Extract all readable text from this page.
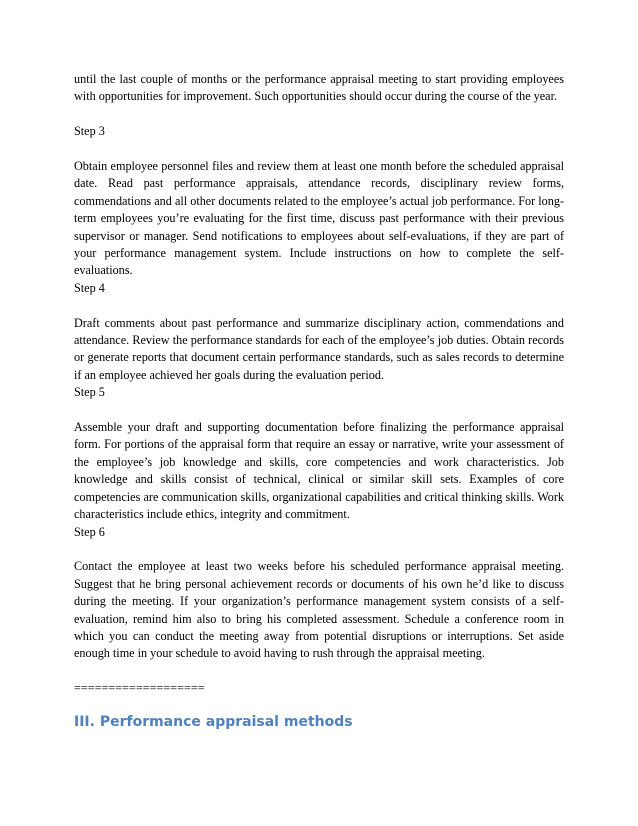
until the last couple of months or the performance appraisal meeting to start providing employees with opportunities for improvement. Such opportunities should occur during the course of the year.

Step 3

Obtain employee personnel files and review them at least one month before the scheduled appraisal date. Read past performance appraisals, attendance records, disciplinary review forms, commendations and all other documents related to the employee’s actual job performance. For long-term employees you’re evaluating for the first time, discuss past performance with their previous supervisor or manager. Send notifications to employees about self-evaluations, if they are part of your performance management system. Include instructions on how to complete the self-evaluations.

Step 4

Draft comments about past performance and summarize disciplinary action, commendations and attendance. Review the performance standards for each of the employee’s job duties. Obtain records or generate reports that document certain performance standards, such as sales records to determine if an employee achieved her goals during the evaluation period.

Step 5

Assemble your draft and supporting documentation before finalizing the performance appraisal form. For portions of the appraisal form that require an essay or narrative, write your assessment of the employee’s job knowledge and skills, core competencies and work characteristics. Job knowledge and skills consist of technical, clinical or similar skill sets. Examples of core competencies are communication skills, organizational capabilities and critical thinking skills. Work characteristics include ethics, integrity and commitment.

Step 6

Contact the employee at least two weeks before his scheduled performance appraisal meeting. Suggest that he bring personal achievement records or documents of his own he’d like to discuss during the meeting. If your organization’s performance management system consists of a self-evaluation, remind him also to bring his completed assessment. Schedule a conference room in which you can conduct the meeting away from potential disruptions or interruptions. Set aside enough time in your schedule to avoid having to rush through the appraisal meeting.

===================

III. Performance appraisal methods
